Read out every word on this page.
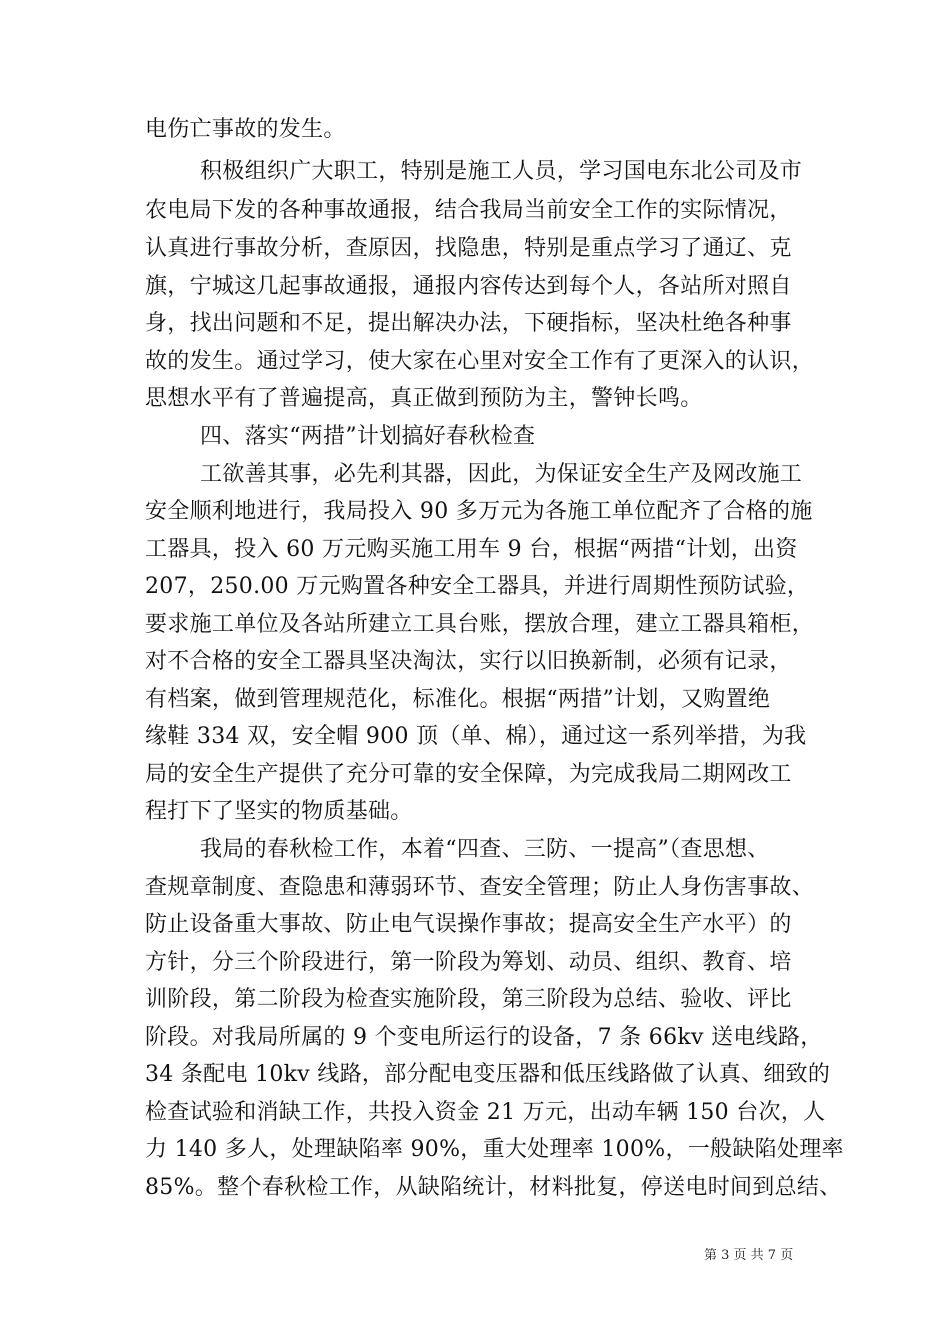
电伤亡事故的发生。
积极组织广大职工，特别是施工人员，学习国电东北公司及市
农电局下发的各种事故通报，结合我局当前安全工作的实际情况，
认真进行事故分析，查原因，找隐患，特别是重点学习了通辽、克
旗，宁城这几起事故通报，通报内容传达到每个人，各站所对照自
身，找出问题和不足，提出解决办法，下硬指标，坚决杜绝各种事
故的发生。通过学习，使大家在心里对安全工作有了更深入的认识，
思想水平有了普遍提高，真正做到预防为主，警钟长鸣。
四、落实“两措”计划搞好春秋检查
工欲善其事，必先利其器，因此，为保证安全生产及网改施工
安全顺利地进行，我局投入 90 多万元为各施工单位配齐了合格的施
工器具，投入 60 万元购买施工用车 9 台，根据“两措“计划，出资
207，250.00 万元购置各种安全工器具，并进行周期性预防试验，
要求施工单位及各站所建立工具台账，摆放合理，建立工器具箱柜，
对不合格的安全工器具坚决淘汰，实行以旧换新制，必须有记录，
有档案，做到管理规范化，标准化。根据“两措”计划，又购置绝
缘鞋 334 双，安全帽 900 顶（单、棉），通过这一系列举措，为我
局的安全生产提供了充分可靠的安全保障，为完成我局二期网改工
程打下了坚实的物质基础。
我局的春秋检工作，本着“四查、三防、一提高”（查思想、
查规章制度、查隐患和薄弱环节、查安全管理；防止人身伤害事故、
防止设备重大事故、防止电气误操作事故；提高安全生产水平）的
方针，分三个阶段进行，第一阶段为筹划、动员、组织、教育、培
训阶段，第二阶段为检查实施阶段，第三阶段为总结、验收、评比
阶段。对我局所属的 9 个变电所运行的设备，7 条 66kv 送电线路，
34 条配电 10kv 线路，部分配电变压器和低压线路做了认真、细致的
检查试验和消缺工作，共投入资金 21 万元，出动车辆 150 台次，人
力 140 多人，处理缺陷率 90%，重大处理率 100%，一般缺陷处理率
85%。整个春秋检工作，从缺陷统计，材料批复，停送电时间到总结、
第 3 页 共 7 页
